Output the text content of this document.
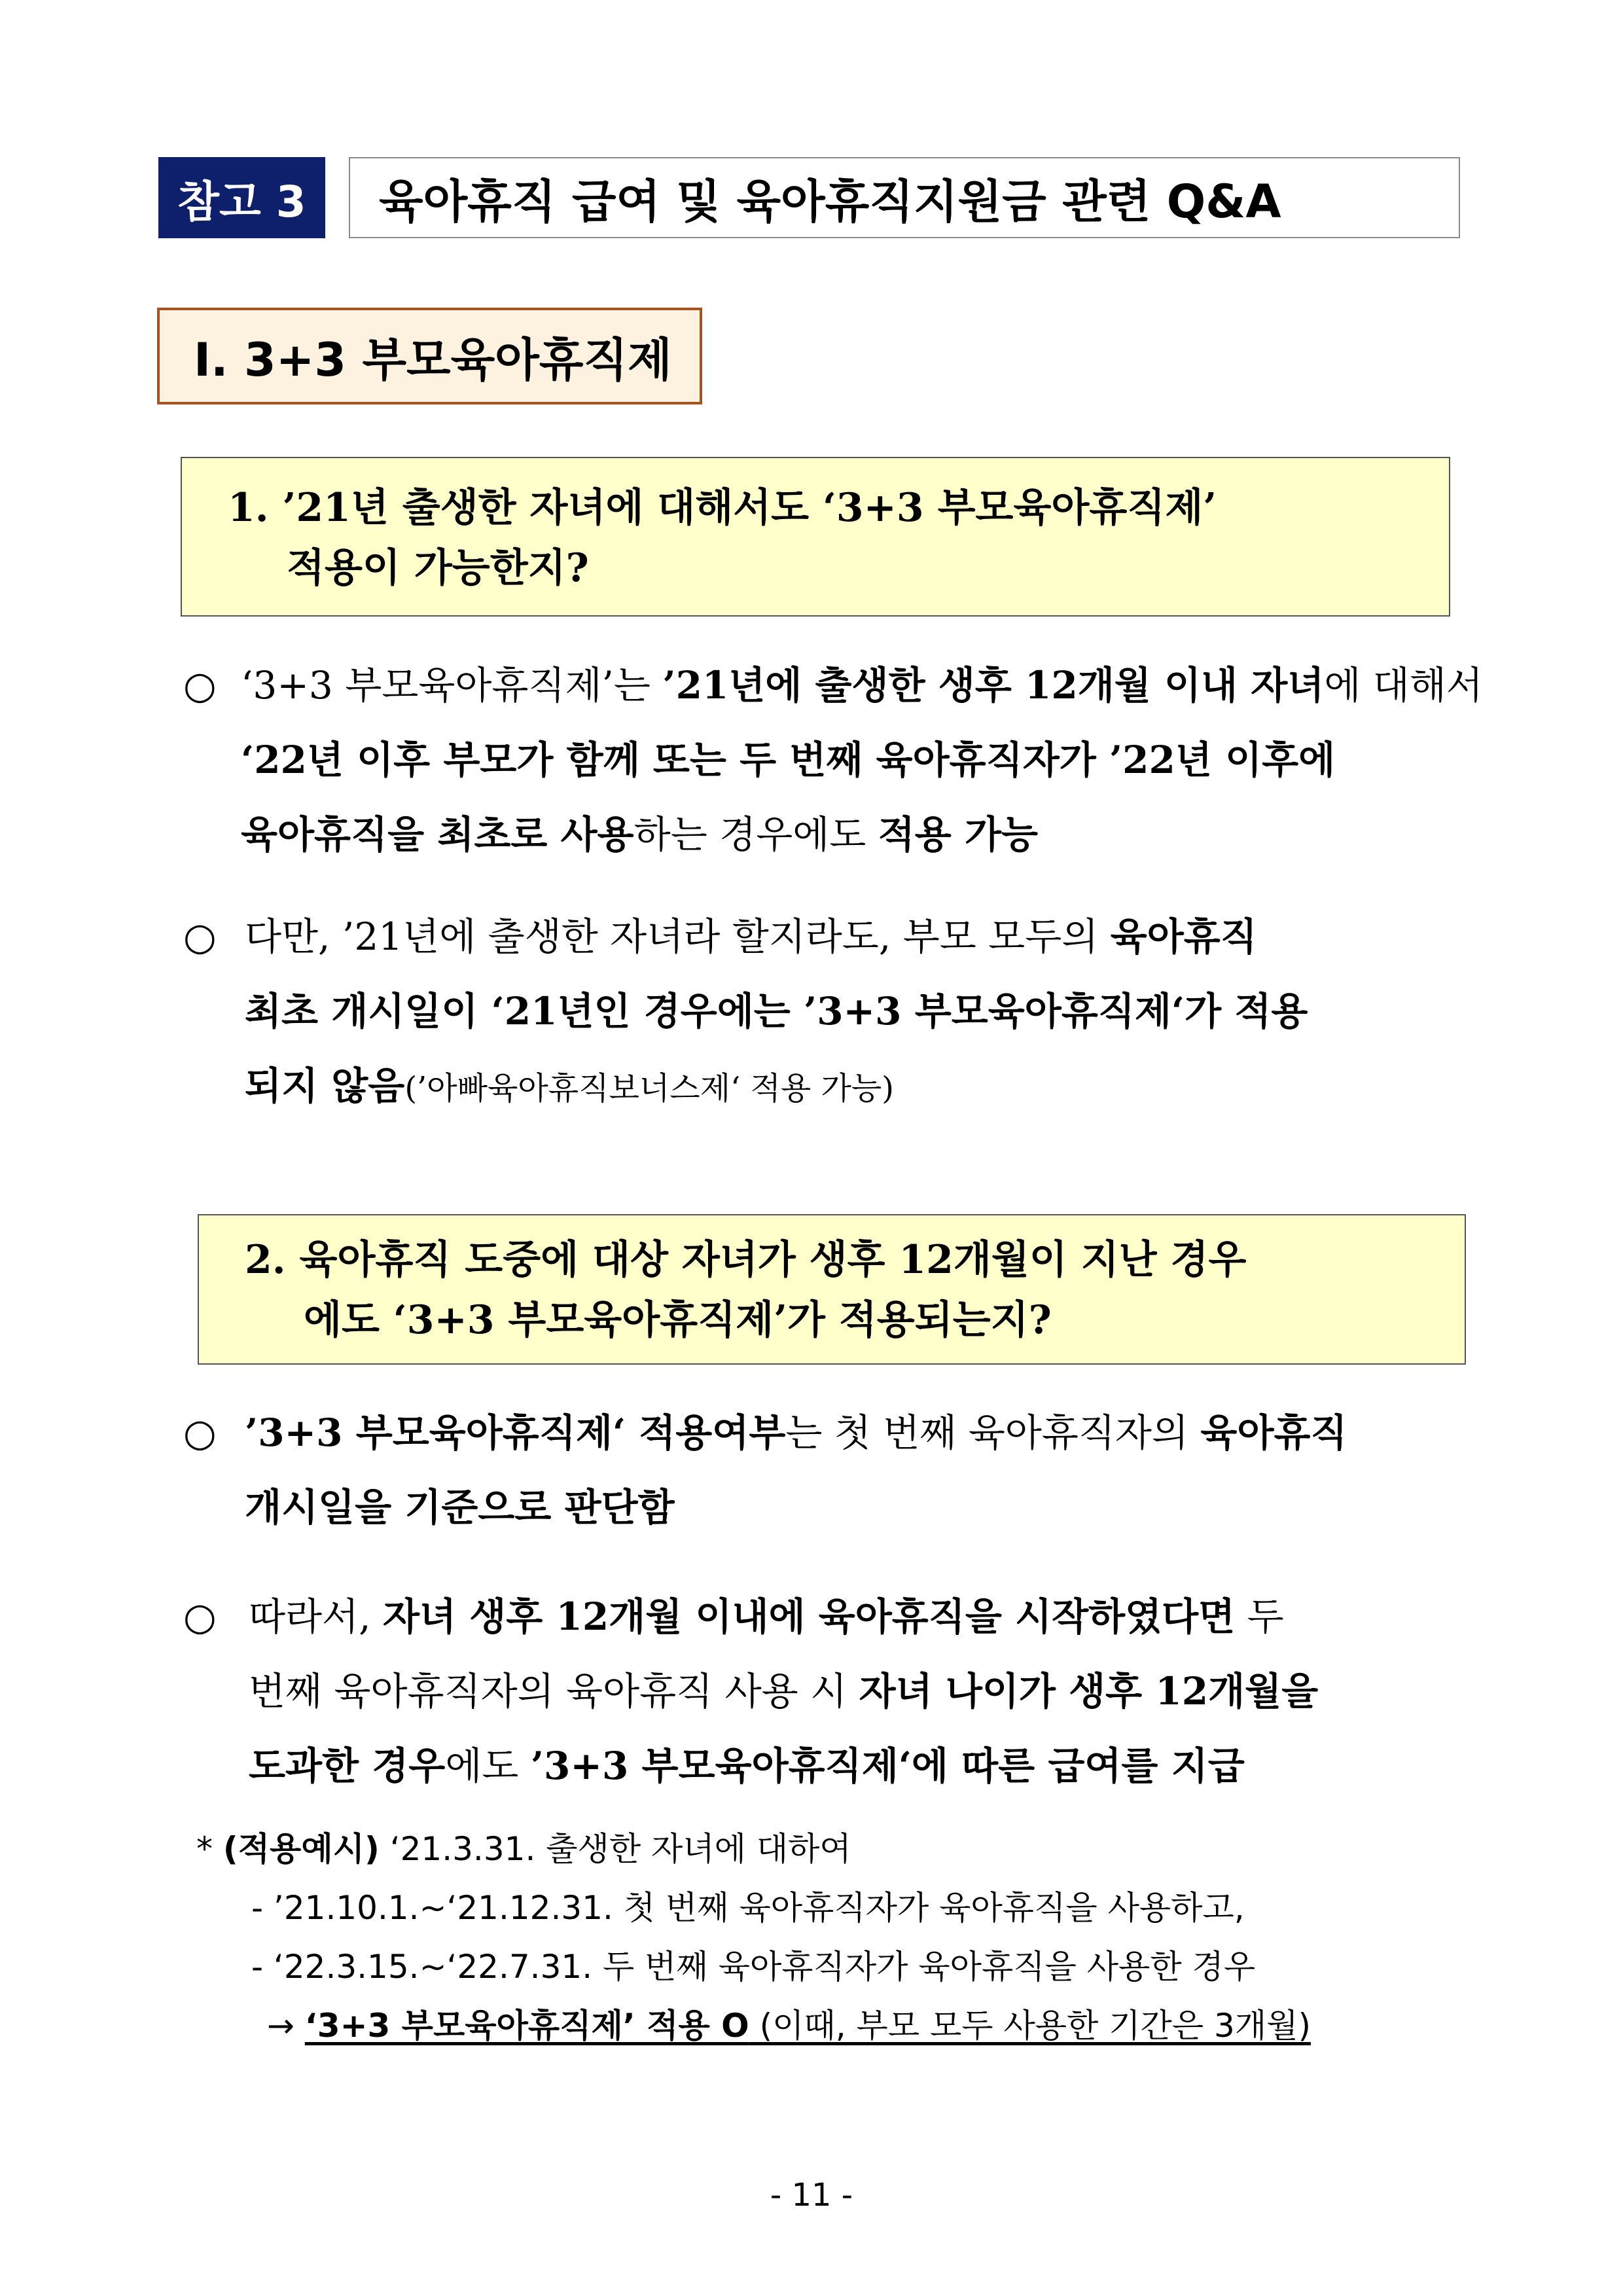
참고 3	육아휴직 급여 및 육아휴직지원금 관련 Q&A
Ⅰ. 3+3 부모육아휴직제
1. ’21년 출생한 자녀에 대해서도 ‘3+3 부모육아휴직제’
적용이 가능한지?
○ ‘3+3 부모육아휴직제’는 ’21년에 출생한 생후 12개월 이내 자녀에 대해서
‘22년 이후 부모가 함께 또는 두 번째 육아휴직자가 ’22년 이후에
육아휴직을 최초로 사용하는 경우에도 적용 가능
○ 다만, ’21년에 출생한 자녀라 할지라도, 부모 모두의 육아휴직
최초 개시일이 ‘21년인 경우에는 ’3+3 부모육아휴직제‘가 적용
되지 않음(’아빠육아휴직보너스제‘ 적용 가능)
2. 육아휴직 도중에 대상 자녀가 생후 12개월이 지난 경우
에도 ‘3+3 부모육아휴직제’가 적용되는지?
○ ’3+3 부모육아휴직제‘ 적용여부는 첫 번째 육아휴직자의 육아휴직
개시일을 기준으로 판단함
○ 따라서, 자녀 생후 12개월 이내에 육아휴직을 시작하였다면 두
번째 육아휴직자의 육아휴직 사용 시 자녀 나이가 생후 12개월을
도과한 경우에도 ’3+3 부모육아휴직제‘에 따른 급여를 지급
* (적용예시) ‘21.3.31. 출생한 자녀에 대하여
- ’21.10.1.~‘21.12.31. 첫 번째 육아휴직자가 육아휴직을 사용하고,
- ‘22.3.15.~‘22.7.31. 두 번째 육아휴직자가 육아휴직을 사용한 경우
→ ‘3+3 부모육아휴직제’ 적용 O (이때, 부모 모두 사용한 기간은 3개월)
- 11 -
